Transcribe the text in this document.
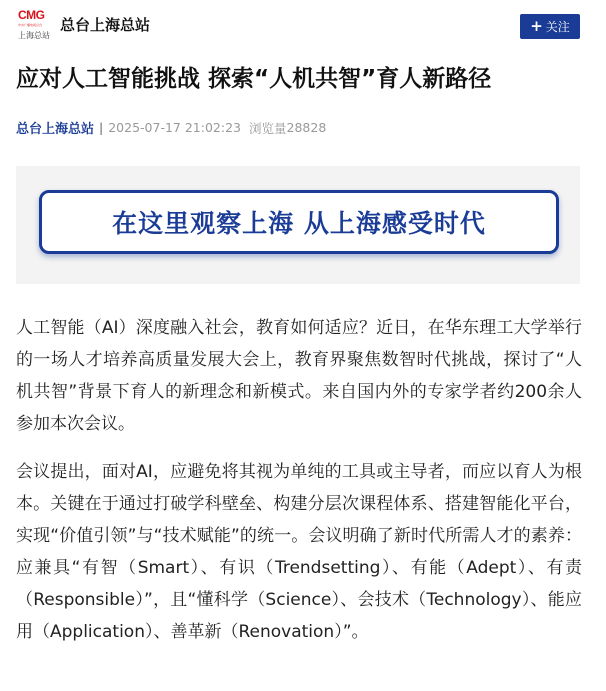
CMG
中央广播电视总台
上海总站
总台上海总站	+ 关注
应对人工智能挑战 探索“人机共智”育人新路径
总台上海总站 | 2025-07-17 21:02:23 浏览量 28828
在这里观察上海 从上海感受时代

人工智能（AI）深度融入社会，教育如何适应？近日，在华东理工大学举行的一场人才培养高质量发展大会上，教育界聚焦数智时代挑战，探讨了“人机共智”背景下育人的新理念和新模式。来自国内外的专家学者约200余人参加本次会议。

会议提出，面对AI，应避免将其视为单纯的工具或主导者，而应以育人为根本。关键在于通过打破学科壁垒、构建分层次课程体系、搭建智能化平台，实现“价值引领”与“技术赋能”的统一。会议明确了新时代所需人才的素养：应兼具“有智（Smart）、有识（Trendsetting）、有能（Adept）、有责（Responsible）”，且“懂科学（Science）、会技术（Technology）、能应用（Application）、善革新（Renovation）”。
